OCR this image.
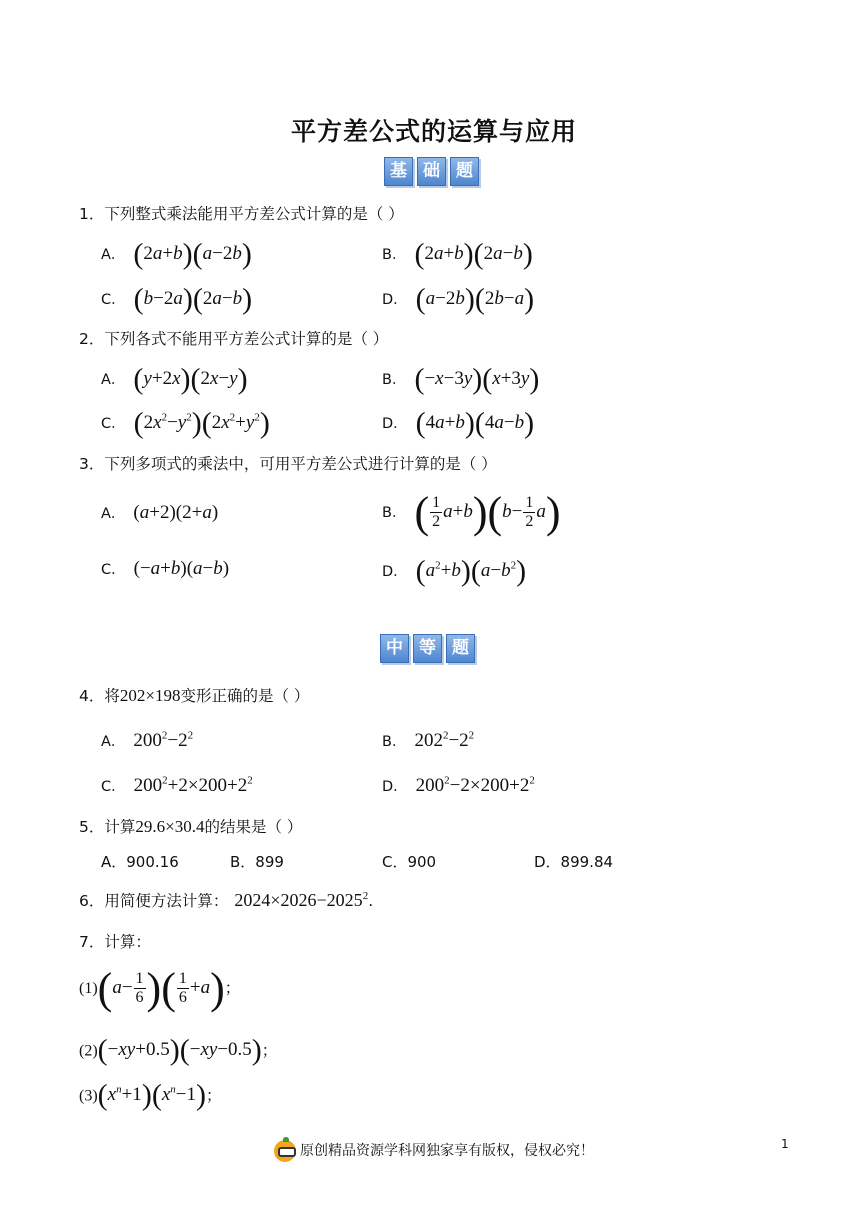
平方差公式的运算与应用
基 础 题
1．下列整式乘法能用平方差公式计算的是（ ）
A． (2a+b)(a−2b)	B． (2a+b)(2a−b)
C． (b−2a)(2a−b)	D． (a−2b)(2b−a)
2．下列各式不能用平方差公式计算的是（ ）
A． (y+2x)(2x−y)	B． (−x−3y)(x+3y)
C． $(2x^2-y^2)(2x^2+y^2)$	D． (4a+b)(4a−b)
3．下列多项式的乘法中，可用平方差公式进行计算的是（ ）
A． (a+2)(2+a)	B． ( $\frac{1}{2} a+b)(b- \frac{1}{2} a)$
C． (−a+b)(a−b)	D． $(a^2+b)(a-b^2)$
中 等 题
4．将202×198变形正确的是（ ）
A． $200^2-2^2$	B． $202^2-2^2$
C． $200^2+2\times 200+2^2$	D． $200^2-2\times 200+2^2$
5．计算29.6×30.4的结果是（ ）
A．900.16	B．899	C．900	D．899.84
6．用简便方法计算： $2024\times 2026-2025^2$.
7．计算：
$(1)(a- \frac{1}{6}$ )( $\frac{1}{6} +a$)；
(2)(−xy+0.5)(−xy−0.5)；
$(3)(x^n+1)(x^n-1)$；
原创精品资源学科网独家享有版权，侵权必究！	1
